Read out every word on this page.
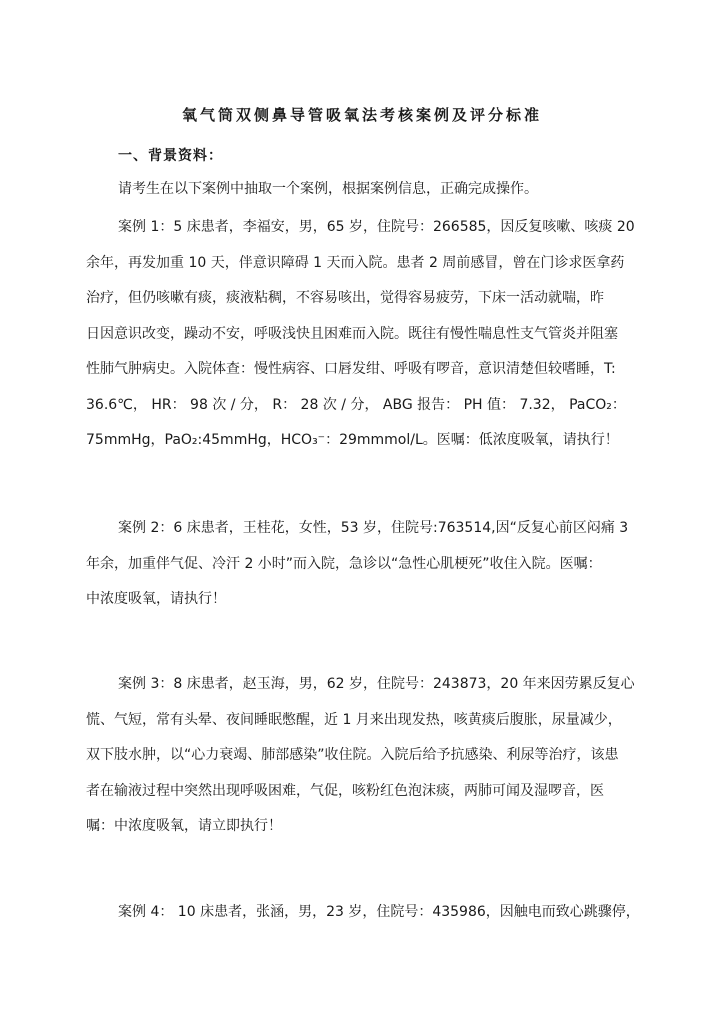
氧气筒双侧鼻导管吸氧法考核案例及评分标准
一、背景资料：

请考生在以下案例中抽取一个案例，根据案例信息，正确完成操作。

案例 1：5 床患者，李福安，男，65 岁，住院号：266585，因反复咳嗽、咳痰 20
余年，再发加重 10 天，伴意识障碍 1 天而入院。患者 2 周前感冒，曾在门诊求医拿药
治疗，但仍咳嗽有痰，痰液粘稠，不容易咳出，觉得容易疲劳，下床一活动就喘，昨
日因意识改变，躁动不安，呼吸浅快且困难而入院。既往有慢性喘息性支气管炎并阻塞
性肺气肿病史。入院体查：慢性病容、口唇发绀、呼吸有啰音，意识清楚但较嗜睡，T:
36.6℃， HR： 98 次 / 分， R： 28 次 / 分， ABG 报告： PH 值： 7.32， PaCO₂：
75mmHg，PaO₂:45mmHg，HCO₃⁻：29mmmol/L。医嘱：低浓度吸氧，请执行！

案例 2：6 床患者，王桂花，女性，53 岁，住院号:763514,因“反复心前区闷痛 3
年余，加重伴气促、冷汗 2 小时”而入院，急诊以“急性心肌梗死”收住入院。医嘱：
中浓度吸氧，请执行！

案例 3：8 床患者，赵玉海，男，62 岁，住院号：243873，20 年来因劳累反复心
慌、气短，常有头晕、夜间睡眠憋醒，近 1 月来出现发热，咳黄痰后腹胀，尿量减少，
双下肢水肿，以“心力衰竭、肺部感染”收住院。入院后给予抗感染、利尿等治疗，该患
者在输液过程中突然出现呼吸困难，气促，咳粉红色泡沫痰，两肺可闻及湿啰音，医
嘱：中浓度吸氧，请立即执行！

案例 4： 10 床患者，张涵，男，23 岁，住院号：435986，因触电而致心跳骤停，
